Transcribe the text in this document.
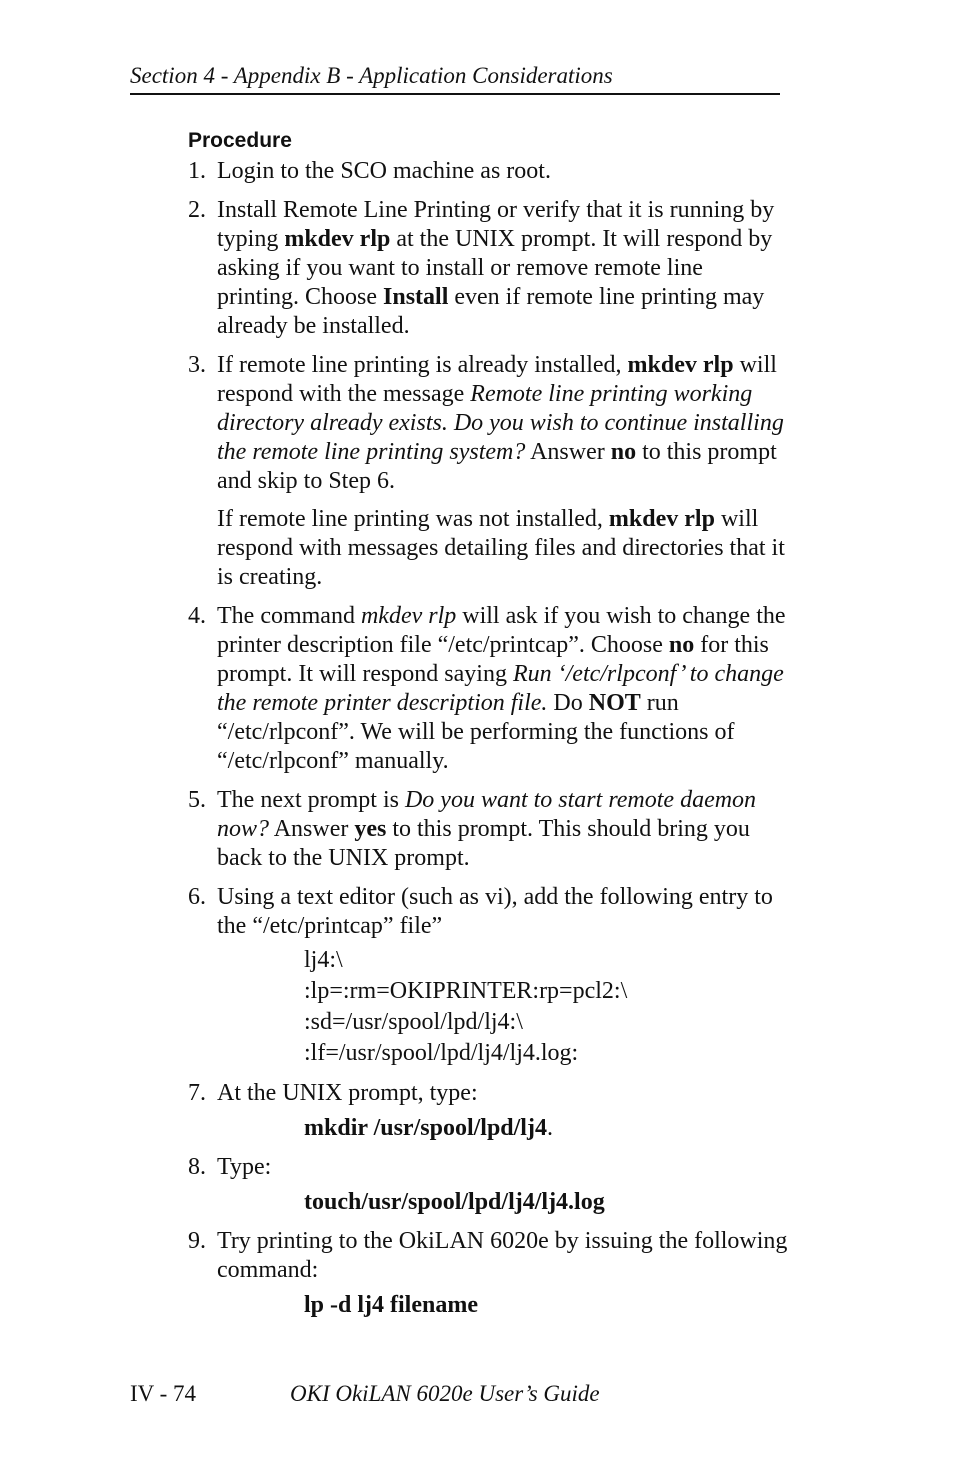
Section 4 - Appendix B - Application Considerations
Procedure
1. Login to the SCO machine as root.
2. Install Remote Line Printing or verify that it is running by typing mkdev rlp at the UNIX prompt. It will respond by asking if you want to install or remove remote line printing. Choose Install even if remote line printing may already be installed.
3. If remote line printing is already installed, mkdev rlp will respond with the message Remote line printing working directory already exists. Do you wish to continue installing the remote line printing system? Answer no to this prompt and skip to Step 6.
If remote line printing was not installed, mkdev rlp will respond with messages detailing files and directories that it is creating.
4. The command mkdev rlp will ask if you wish to change the printer description file “/etc/printcap”. Choose no for this prompt. It will respond saying Run ‘/etc/rlpconf’ to change the remote printer description file. Do NOT run “/etc/rlpconf”. We will be performing the functions of “/etc/rlpconf” manually.
5. The next prompt is Do you want to start remote daemon now? Answer yes to this prompt. This should bring you back to the UNIX prompt.
6. Using a text editor (such as vi), add the following entry to the “/etc/printcap” file”
lj4:\
:lp=:rm=OKIPRINTER:rp=pcl2:\
:sd=/usr/spool/lpd/lj4:\
:lf=/usr/spool/lpd/lj4/lj4.log:
7. At the UNIX prompt, type:
mkdir /usr/spool/lpd/lj4.
8. Type:
touch/usr/spool/lpd/lj4/lj4.log
9. Try printing to the OkiLAN 6020e by issuing the following command:
lp -d lj4 filename
IV - 74	OKI OkiLAN 6020e User’s Guide
